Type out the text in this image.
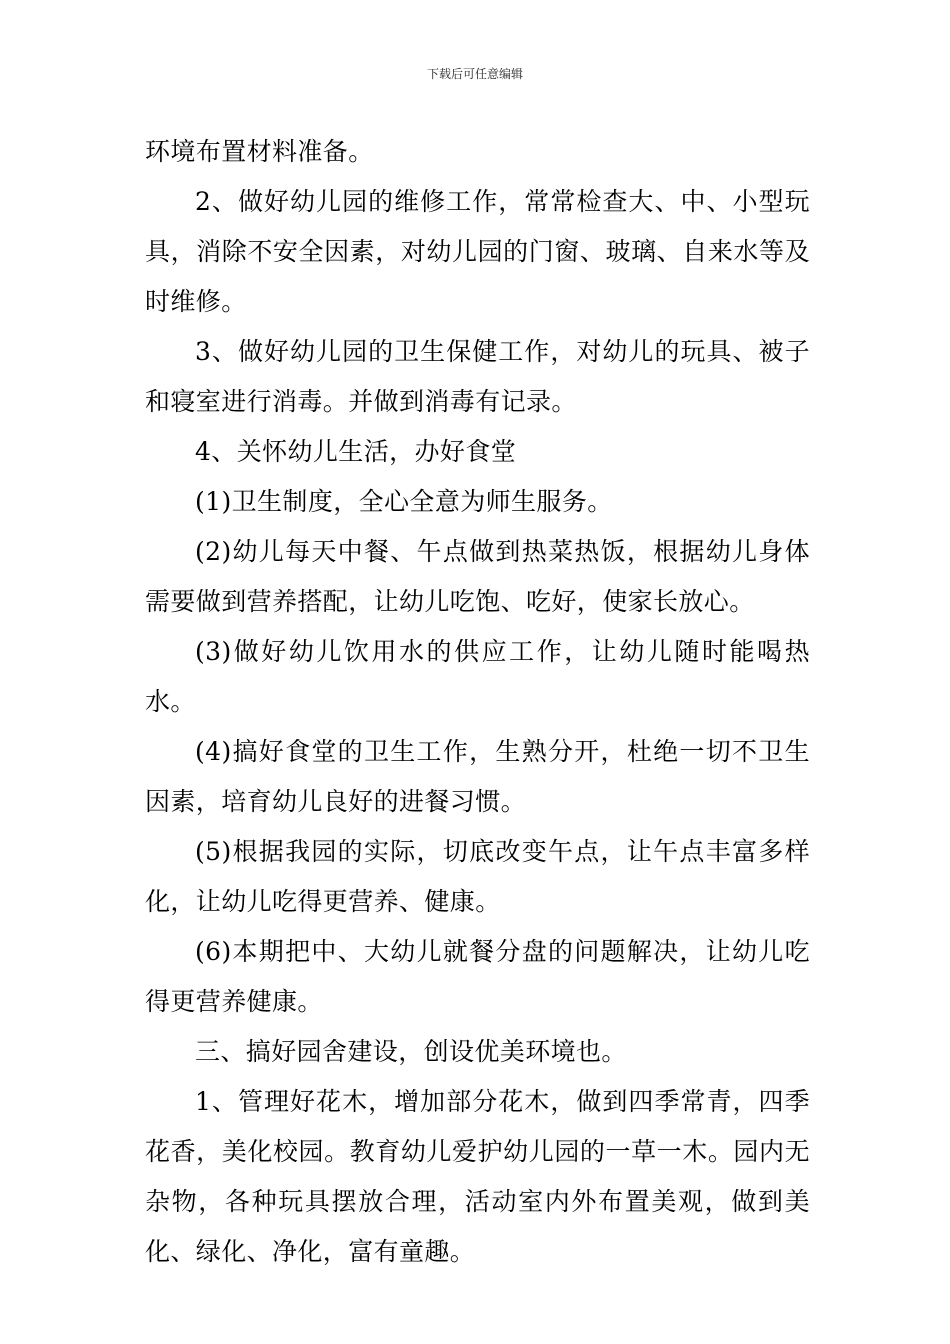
下载后可任意编辑

环境布置材料准备。

2、做好幼儿园的维修工作，常常检查大、中、小型玩具，消除不安全因素，对幼儿园的门窗、玻璃、自来水等及时维修。

3、做好幼儿园的卫生保健工作，对幼儿的玩具、被子和寝室进行消毒。并做到消毒有记录。

4、关怀幼儿生活，办好食堂

(1)卫生制度，全心全意为师生服务。

(2)幼儿每天中餐、午点做到热菜热饭，根据幼儿身体需要做到营养搭配，让幼儿吃饱、吃好，使家长放心。

(3)做好幼儿饮用水的供应工作，让幼儿随时能喝热水。

(4)搞好食堂的卫生工作，生熟分开，杜绝一切不卫生因素，培育幼儿良好的进餐习惯。

(5)根据我园的实际，切底改变午点，让午点丰富多样化，让幼儿吃得更营养、健康。

(6)本期把中、大幼儿就餐分盘的问题解决，让幼儿吃得更营养健康。

三、搞好园舍建设，创设优美环境也。

1、管理好花木，增加部分花木，做到四季常青，四季花香，美化校园。教育幼儿爱护幼儿园的一草一木。园内无杂物，各种玩具摆放合理，活动室内外布置美观，做到美化、绿化、净化，富有童趣。
